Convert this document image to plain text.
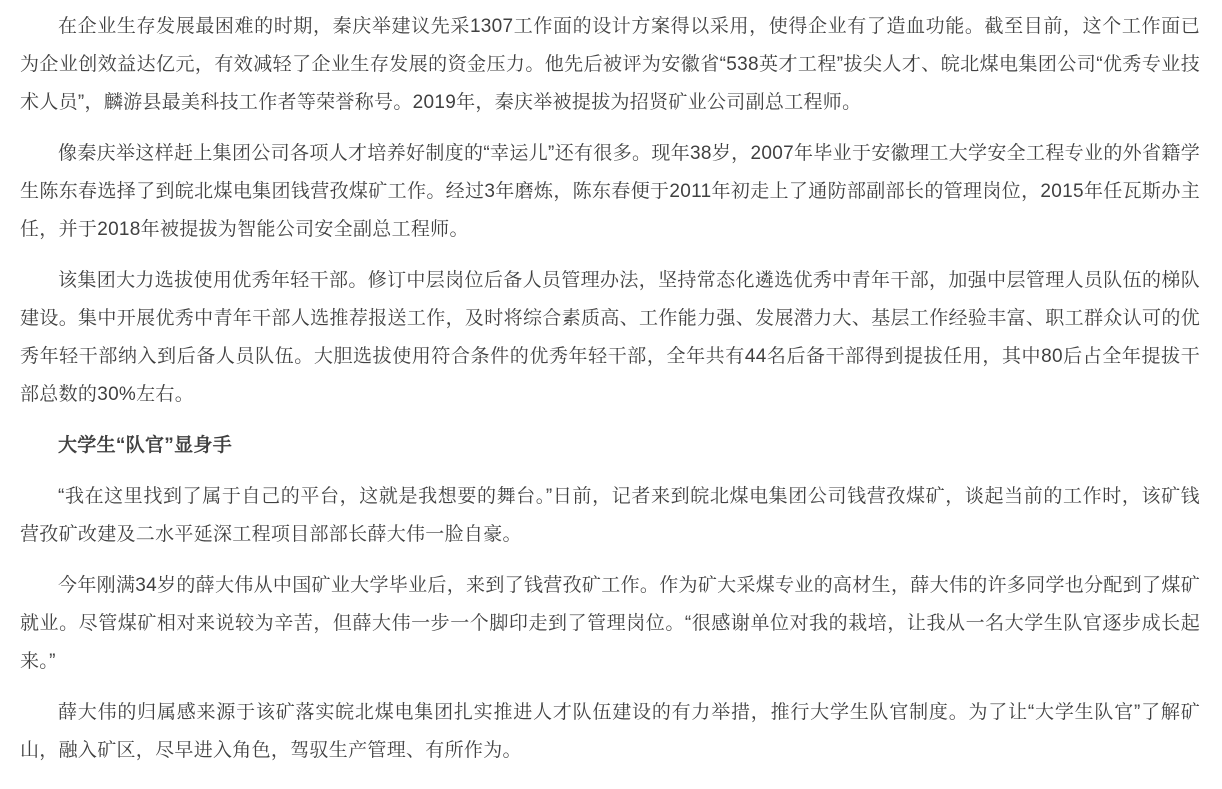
在企业生存发展最困难的时期，秦庆举建议先采1307工作面的设计方案得以采用，使得企业有了造血功能。截至目前，这个工作面已为企业创效益达亿元，有效减轻了企业生存发展的资金压力。他先后被评为安徽省“538英才工程”拔尖人才、皖北煤电集团公司“优秀专业技术人员”，麟游县最美科技工作者等荣誉称号。2019年，秦庆举被提拔为招贤矿业公司副总工程师。

像秦庆举这样赶上集团公司各项人才培养好制度的“幸运儿”还有很多。现年38岁，2007年毕业于安徽理工大学安全工程专业的外省籍学生陈东春选择了到皖北煤电集团钱营孜煤矿工作。经过3年磨炼，陈东春便于2011年初走上了通防部副部长的管理岗位，2015年任瓦斯办主任，并于2018年被提拔为智能公司安全副总工程师。

该集团大力选拔使用优秀年轻干部。修订中层岗位后备人员管理办法，坚持常态化遴选优秀中青年干部，加强中层管理人员队伍的梯队建设。集中开展优秀中青年干部人选推荐报送工作，及时将综合素质高、工作能力强、发展潜力大、基层工作经验丰富、职工群众认可的优秀年轻干部纳入到后备人员队伍。大胆选拔使用符合条件的优秀年轻干部，全年共有44名后备干部得到提拔任用，其中80后占全年提拔干部总数的30%左右。

大学生“队官”显身手

“我在这里找到了属于自己的平台，这就是我想要的舞台。”日前，记者来到皖北煤电集团公司钱营孜煤矿，谈起当前的工作时，该矿钱营孜矿改建及二水平延深工程项目部部长薛大伟一脸自豪。

今年刚满34岁的薛大伟从中国矿业大学毕业后，来到了钱营孜矿工作。作为矿大采煤专业的高材生，薛大伟的许多同学也分配到了煤矿就业。尽管煤矿相对来说较为辛苦，但薛大伟一步一个脚印走到了管理岗位。“很感谢单位对我的栽培，让我从一名大学生队官逐步成长起来。”

薛大伟的归属感来源于该矿落实皖北煤电集团扎实推进人才队伍建设的有力举措，推行大学生队官制度。为了让“大学生队官”了解矿山，融入矿区，尽早进入角色，驾驭生产管理、有所作为。
